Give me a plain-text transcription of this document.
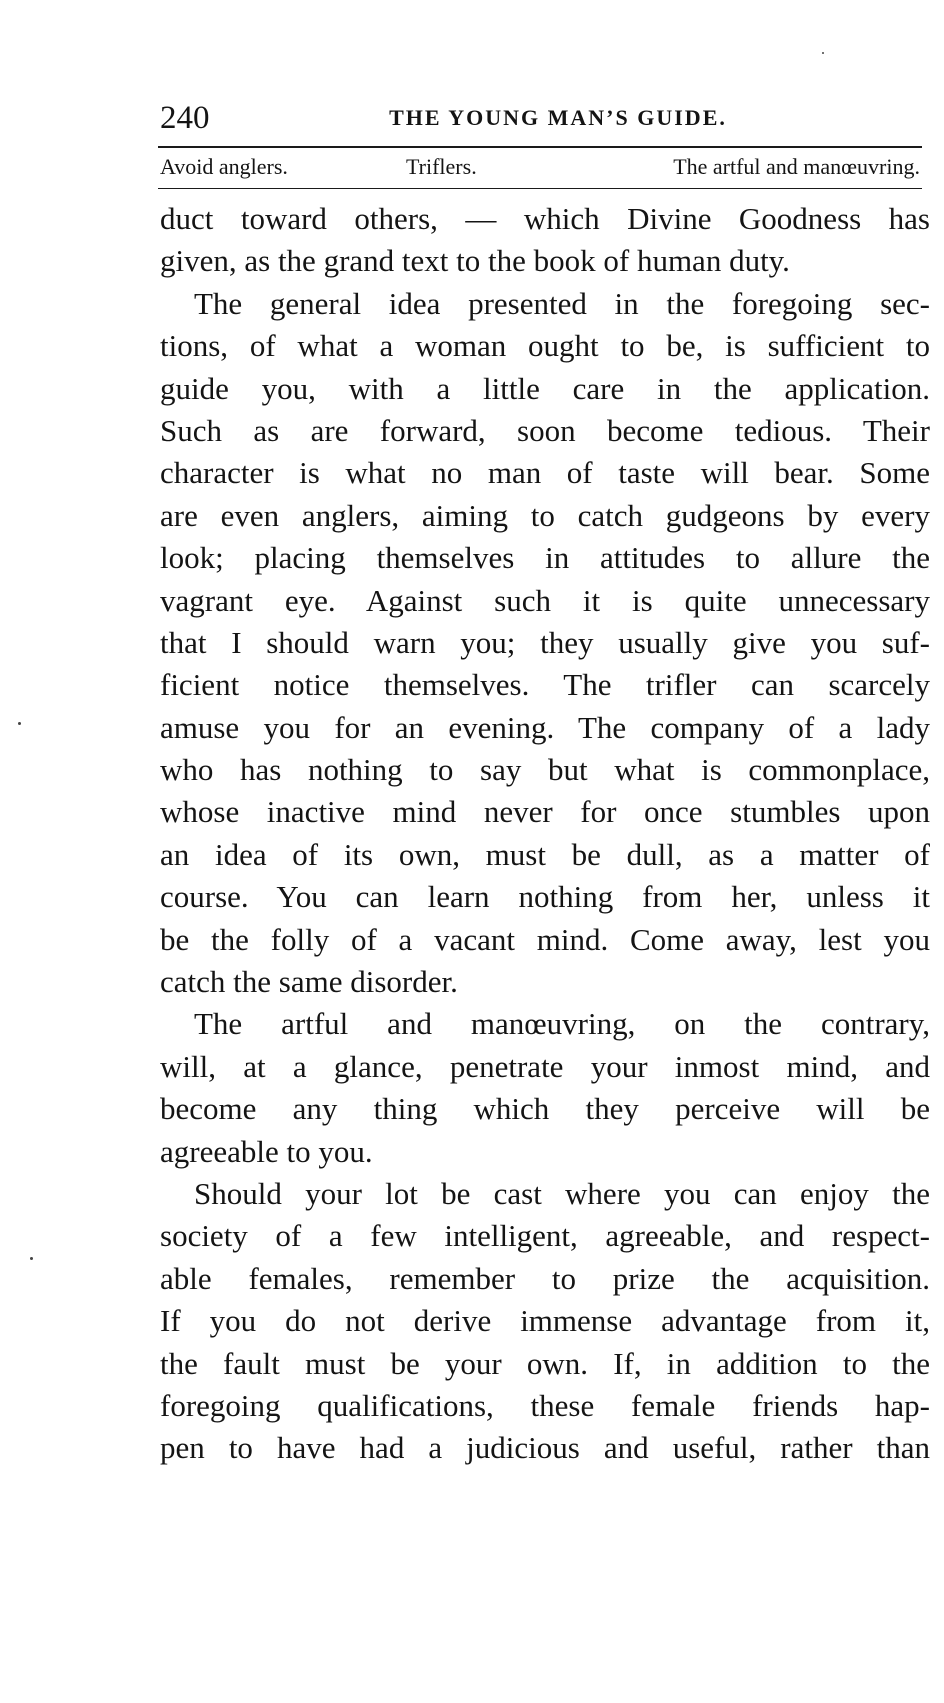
240	THE YOUNG MAN’S GUIDE.
Avoid anglers.	Triflers.	The artful and manœuvring.
duct toward others, — which Divine Goodness has
given, as the grand text to the book of human duty.
The general idea presented in the foregoing sec-
tions, of what a woman ought to be, is sufficient to
guide you, with a little care in the application.
Such as are forward, soon become tedious. Their
character is what no man of taste will bear. Some
are even anglers, aiming to catch gudgeons by every
look; placing themselves in attitudes to allure the
vagrant eye. Against such it is quite unnecessary
that I should warn you; they usually give you suf-
ficient notice themselves. The trifler can scarcely
amuse you for an evening. The company of a lady
who has nothing to say but what is commonplace,
whose inactive mind never for once stumbles upon
an idea of its own, must be dull, as a matter of
course. You can learn nothing from her, unless it
be the folly of a vacant mind. Come away, lest you
catch the same disorder.
The artful and manœuvring, on the contrary,
will, at a glance, penetrate your inmost mind, and
become any thing which they perceive will be
agreeable to you.
Should your lot be cast where you can enjoy the
society of a few intelligent, agreeable, and respect-
able females, remember to prize the acquisition.
If you do not derive immense advantage from it,
the fault must be your own. If, in addition to the
foregoing qualifications, these female friends hap-
pen to have had a judicious and useful, rather than
